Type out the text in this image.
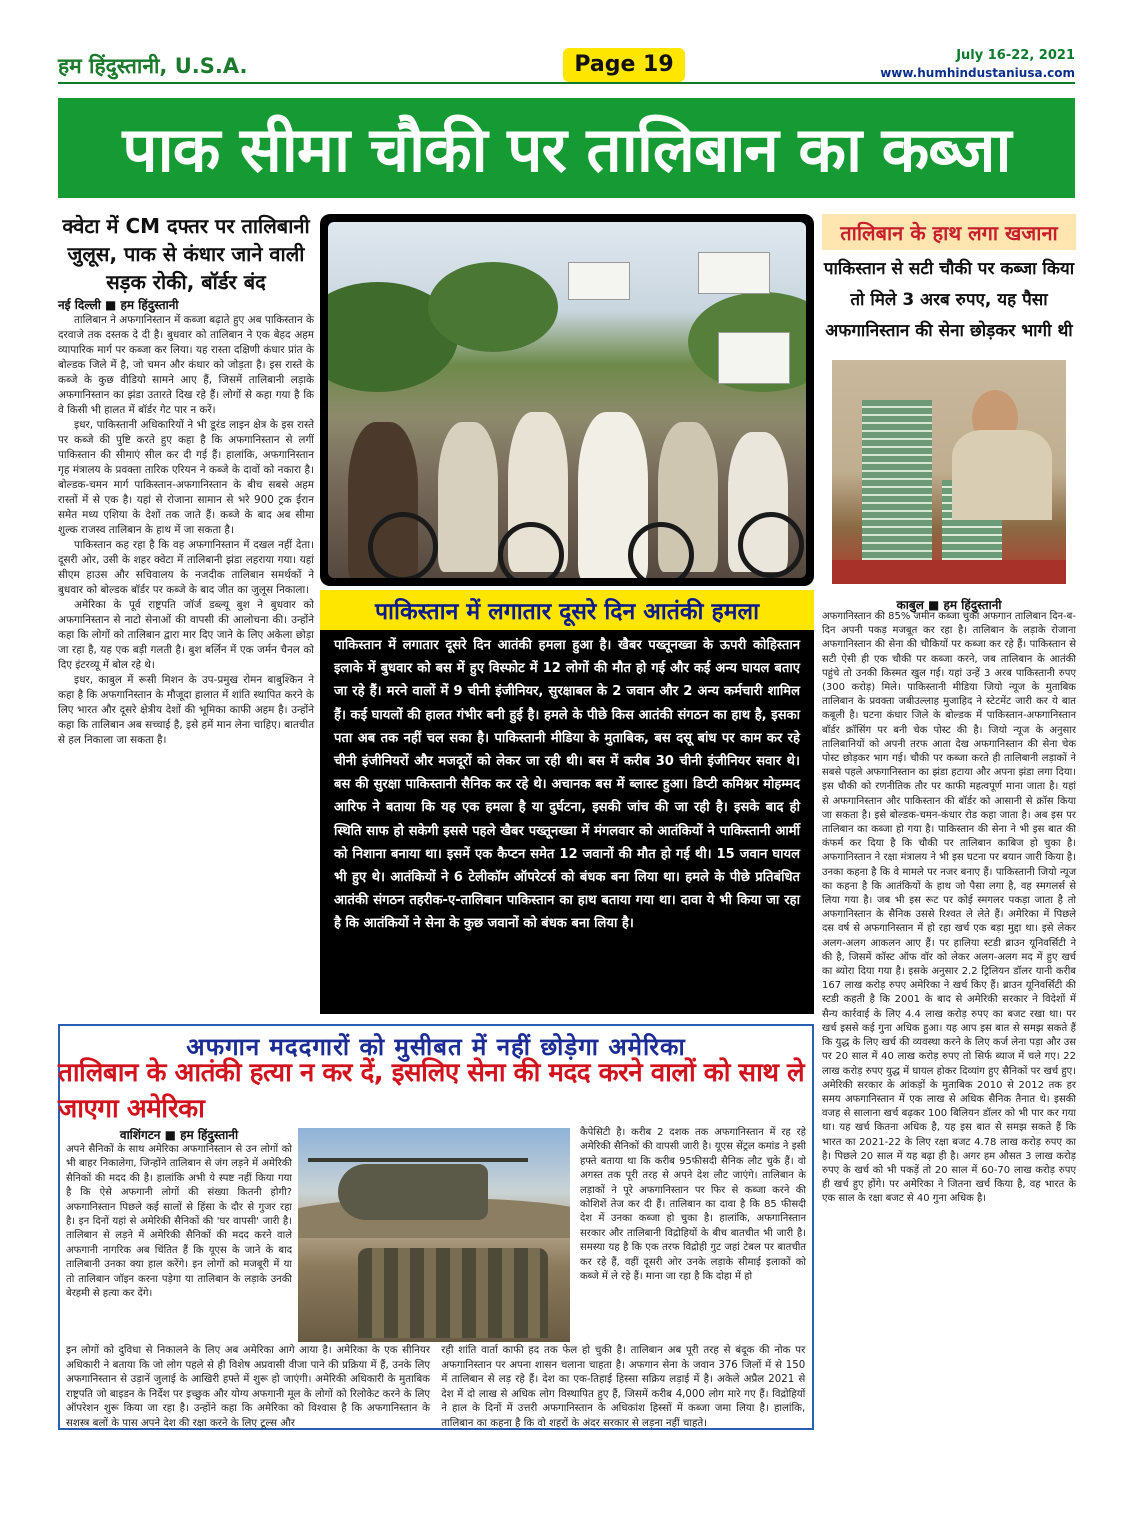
हम हिंदुस्तानी, U.S.A.	Page 19	July 16-22, 2021
www.humhindustaniusa.com
पाक सीमा चौकी पर तालिबान का कब्जा
क्वेटा में CM दफ्तर पर तालिबानी जुलूस, पाक से कंधार जाने वाली सड़क रोकी, बॉर्डर बंद
नई दिल्ली ■ हम हिंदुस्तानी

तालिबान ने अफगानिस्तान में कब्जा बढ़ाते हुए अब पाकिस्तान के दरवाजे तक दस्तक दे दी है। बुधवार को तालिबान ने एक बेहद अहम व्यापारिक मार्ग पर कब्जा कर लिया। यह रास्ता दक्षिणी कंधार प्रांत के बोल्डक जिले में है, जो चमन और कंधार को जोड़ता है। इस रास्ते के कब्जे के कुछ वीडियो सामने आए हैं, जिसमें तालिबानी लड़ाके अफगानिस्तान का झंडा उतारते दिख रहे हैं। लोगों से कहा गया है कि वे किसी भी हालत में बॉर्डर गेट पार न करें।

इधर, पाकिस्तानी अधिकारियों ने भी डूरंड लाइन क्षेत्र के इस रास्ते पर कब्जे की पुष्टि करते हुए कहा है कि अफगानिस्तान से लगीं पाकिस्तान की सीमाएं सील कर दी गई हैं। हालांकि, अफगानिस्तान गृह मंत्रालय के प्रवक्ता तारिक एरियन ने कब्जे के दावों को नकारा है। बोल्डक-चमन मार्ग पाकिस्तान-अफगानिस्तान के बीच सबसे अहम रास्तों में से एक है। यहां से रोजाना सामान से भरे 900 ट्रक ईरान समेत मध्य एशिया के देशों तक जाते हैं। कब्जे के बाद अब सीमा शुल्क राजस्व तालिबान के हाथ में जा सकता है।

पाकिस्तान कह रहा है कि वह अफगानिस्तान में दखल नहीं देता। दूसरी ओर, उसी के शहर क्वेटा में तालिबानी झंडा लहराया गया। यहां सीएम हाउस और सचिवालय के नजदीक तालिबान समर्थकों ने बुधवार को बोल्डक बॉर्डर पर कब्जे के बाद जीत का जुलूस निकाला।

अमेरिका के पूर्व राष्ट्रपति जॉर्ज डब्ल्यू बुश ने बुधवार को अफगानिस्तान से नाटो सेनाओं की वापसी की आलोचना की। उन्होंने कहा कि लोगों को तालिबान द्वारा मार दिए जाने के लिए अकेला छोड़ा जा रहा है, यह एक बड़ी गलती है। बुश बर्लिन में एक जर्मन चैनल को दिए इंटरव्यू में बोल रहे थे।

इधर, काबुल में रूसी मिशन के उप-प्रमुख रोमन बाबुश्किन ने कहा है कि अफगानिस्तान के मौजूदा हालात में शांति स्थापित करने के लिए भारत और दूसरे क्षेत्रीय देशों की भूमिका काफी अहम है। उन्होंने कहा कि तालिबान अब सच्चाई है, इसे हमें मान लेना चाहिए। बातचीत से हल निकाला जा सकता है।

पाकिस्तान में लगातार दूसरे दिन आतंकी हमला
पाकिस्तान में लगातार दूसरे दिन आतंकी हमला हुआ है। खैबर पख्तूनख्वा के ऊपरी कोहिस्तान इलाके में बुधवार को बस में हुए विस्फोट में 12 लोगों की मौत हो गई और कई अन्य घायल बताए जा रहे हैं। मरने वालों में 9 चीनी इंजीनियर, सुरक्षाबल के 2 जवान और 2 अन्य कर्मचारी शामिल हैं। कई घायलों की हालत गंभीर बनी हुई है। हमले के पीछे किस आतंकी संगठन का हाथ है, इसका पता अब तक नहीं चल सका है। पाकिस्तानी मीडिया के मुताबिक, बस दसू बांध पर काम कर रहे चीनी इंजीनियरों और मजदूरों को लेकर जा रही थी। बस में करीब 30 चीनी इंजीनियर सवार थे। बस की सुरक्षा पाकिस्तानी सैनिक कर रहे थे। अचानक बस में ब्लास्ट हुआ। डिप्टी कमिश्नर मोहम्मद आरिफ ने बताया कि यह एक हमला है या दुर्घटना, इसकी जांच की जा रही है। इसके बाद ही स्थिति साफ हो सकेगी इससे पहले खैबर पख्तूनख्वा में मंगलवार को आतंकियों ने पाकिस्तानी आर्मी को निशाना बनाया था। इसमें एक कैप्टन समेत 12 जवानों की मौत हो गई थी। 15 जवान घायल भी हुए थे। आतंकियों ने 6 टेलीकॉम ऑपरेटर्स को बंधक बना लिया था। हमले के पीछे प्रतिबंधित आतंकी संगठन तहरीक-ए-तालिबान पाकिस्तान का हाथ बताया गया था। दावा ये भी किया जा रहा है कि आतंकियों ने सेना के कुछ जवानों को बंधक बना लिया है।
तालिबान के हाथ लगा खजाना
पाकिस्तान से सटी चौकी पर कब्जा किया तो मिले 3 अरब रुपए, यह पैसा अफगानिस्तान की सेना छोड़कर भागी थी
काबुल ■ हम हिंदुस्तानी
अफगानिस्तान की 85% जमीन कब्जा चुका अफगान तालिबान दिन-ब-दिन अपनी पकड़ मजबूत कर रहा है। तालिबान के लड़ाके रोजाना अफगानिस्तान की सेना की चौकियों पर कब्जा कर रहे हैं। पाकिस्तान से सटी ऐसी ही एक चौकी पर कब्जा करने, जब तालिबान के आतंकी पहुंचे तो उनकी किस्मत खुल गई। यहां उन्हें 3 अरब पाकिस्तानी रुपए (300 करोड़) मिले। पाकिस्तानी मीडिया जियो न्यूज के मुताबिक तालिबान के प्रवक्ता जबीउल्लाह मुजाहिद ने स्टेटमेंट जारी कर ये बात कबूली है। घटना कंधार जिले के बोल्डक में पाकिस्तान-अफगानिस्तान बॉर्डर क्रॉसिंग पर बनी चेक पोस्ट की है। जियो न्यूज के अनुसार तालिबानियों को अपनी तरफ आता देख अफगानिस्तान की सेना चेक पोस्ट छोड़कर भाग गई। चौकी पर कब्जा करते ही तालिबानी लड़ाकों ने सबसे पहले अफगानिस्तान का झंडा हटाया और अपना झंडा लगा दिया। इस चौकी को रणनीतिक तौर पर काफी महत्वपूर्ण माना जाता है। यहां से अफगानिस्तान और पाकिस्तान की बॉर्डर को आसानी से क्रॉस किया जा सकता है। इसे बोल्डक-चमन-कंधार रोड कहा जाता है। अब इस पर तालिबान का कब्जा हो गया है। पाकिस्तान की सेना ने भी इस बात की कंफर्म कर दिया है कि चौकी पर तालिबान काबिज हो चुका है। अफगानिस्तान ने रक्षा मंत्रालय ने भी इस घटना पर बयान जारी किया है। उनका कहना है कि वे मामले पर नजर बनाए हैं। पाकिस्तानी जियो न्यूज का कहना है कि आतंकियों के हाथ जो पैसा लगा है, वह स्मगलर्स से लिया गया है। जब भी इस रूट पर कोई स्मगलर पकड़ा जाता है तो अफगानिस्तान के सैनिक उससे रिश्वत ले लेते हैं। अमेरिका में पिछले दस वर्ष से अफगानिस्तान में हो रहा खर्च एक बड़ा मुद्दा था। इसे लेकर अलग-अलग आकलन आए हैं। पर हालिया स्टडी ब्राउन यूनिवर्सिटी ने की है, जिसमें कॉस्ट ऑफ वॉर को लेकर अलग-अलग मद में हुए खर्च का ब्योरा दिया गया है। इसके अनुसार 2.2 ट्रिलियन डॉलर यानी करीब 167 लाख करोड़ रुपए अमेरिका ने खर्च किए हैं। ब्राउन यूनिवर्सिटी की स्टडी कहती है कि 2001 के बाद से अमेरिकी सरकार ने विदेशों में सैन्य कार्रवाई के लिए 4.4 लाख करोड़ रुपए का बजट रखा था। पर खर्च इससे कई गुना अधिक हुआ। यह आप इस बात से समझ सकते हैं कि युद्ध के लिए खर्च की व्यवस्था करने के लिए कर्ज लेना पड़ा और उस पर 20 साल में 40 लाख करोड़ रुपए तो सिर्फ ब्याज में चले गए। 22 लाख करोड़ रुपए युद्ध में घायल होकर दिव्यांग हुए सैनिकों पर खर्च हुए। अमेरिकी सरकार के आंकड़ों के मुताबिक 2010 से 2012 तक हर समय अफगानिस्तान में एक लाख से अधिक सैनिक तैनात थे। इसकी वजह से सालाना खर्च बढ़कर 100 बिलियन डॉलर को भी पार कर गया था। यह खर्च कितना अधिक है, यह इस बात से समझ सकते हैं कि भारत का 2021-22 के लिए रक्षा बजट 4.78 लाख करोड़ रुपए का है। पिछले 20 साल में यह बढ़ा ही है। अगर हम औसत 3 लाख करोड़ रुपए के खर्च को भी पकड़ें तो 20 साल में 60-70 लाख करोड़ रुपए ही खर्च हुए होंगे। पर अमेरिका ने जितना खर्च किया है, वह भारत के एक साल के रक्षा बजट से 40 गुना अधिक है।
अफगान मददगारों को मुसीबत में नहीं छोड़ेगा अमेरिका
तालिबान के आतंकी हत्या न कर दें, इसलिए सेना की मदद करने वालों को साथ ले जाएगा अमेरिका
वाशिंगटन ■ हम हिंदुस्तानी
अपने सैनिकों के साथ अमेरिका अफगानिस्तान से उन लोगों को भी बाहर निकालेगा, जिन्होंने तालिबान से जंग लड़ने में अमेरिकी सैनिकों की मदद की है। हालांकि अभी ये स्पष्ट नहीं किया गया है कि ऐसे अफगानी लोगों की संख्या कितनी होगी? अफगानिस्तान पिछले कई सालों से हिंसा के दौर से गुजर रहा है। इन दिनों यहां से अमेरिकी सैनिकों की 'घर वापसी' जारी है। तालिबान से लड़ने में अमेरिकी सैनिकों की मदद करने वाले अफगानी नागरिक अब चिंतित हैं कि यूएस के जाने के बाद तालिबानी उनका क्या हाल करेंगे। इन लोगों को मजबूरी में या तो तालिबान जॉइन करना पड़ेगा या तालिबान के लड़ाके उनकी बेरहमी से हत्या कर देंगे।
कैपेसिटी है। करीब 2 दशक तक अफगानिस्तान में रह रहे अमेरिकी सैनिकों की वापसी जारी है। यूएस सेंट्रल कमांड ने इसी हफ्ते बताया था कि करीब 95फीसदी सैनिक लौट चुके हैं। वो अगस्त तक पूरी तरह से अपने देश लौट जाएंगे। तालिबान के लड़ाकों ने पूरे अफगानिस्तान पर फिर से कब्जा करने की कोशिशें तेज कर दी हैं। तालिबान का दावा है कि 85 फीसदी देश में उनका कब्जा हो चुका है। हालांकि, अफगानिस्तान सरकार और तालिबानी विद्रोहियों के बीच बातचीत भी जारी है। समस्या यह है कि एक तरफ विद्रोही गुट जहां टेबल पर बातचीत कर रहे हैं, वहीं दूसरी ओर उनके लड़ाके सीमाई इलाकों को कब्जे में ले रहे हैं। माना जा रहा है कि दोहा में हो
इन लोगों को दुविधा से निकालने के लिए अब अमेरिका आगे आया है। अमेरिका के एक सीनियर अधिकारी ने बताया कि जो लोग पहले से ही विशेष अप्रवासी वीजा पाने की प्रक्रिया में हैं, उनके लिए अफगानिस्तान से उड़ानें जुलाई के आखिरी हफ्ते में शुरू हो जाएंगी। अमेरिकी अधिकारी के मुताबिक राष्ट्रपति जो बाइडन के निर्देश पर इच्छुक और योग्य अफगानी मूल के लोगों को रिलोकेट करने के लिए ऑपरेशन शुरू किया जा रहा है। उन्होंने कहा कि अमेरिका को विश्वास है कि अफगानिस्तान के सशस्त्र बलों के पास अपने देश की रक्षा करने के लिए टूल्स और रही शांति वार्ता काफी हद तक फेल हो चुकी है। तालिबान अब पूरी तरह से बंदूक की नोक पर अफगानिस्तान पर अपना शासन चलाना चाहता है। अफगान सेना के जवान 376 जिलों में से 150 में तालिबान से लड़ रहे हैं। देश का एक-तिहाई हिस्सा सक्रिय लड़ाई में है। अकेले अप्रैल 2021 से देश में दो लाख से अधिक लोग विस्थापित हुए हैं, जिसमें करीब 4,000 लोग मारे गए हैं। विद्रोहियों ने हाल के दिनों में उत्तरी अफगानिस्तान के अधिकांश हिस्सों में कब्जा जमा लिया है। हालांकि, तालिबान का कहना है कि वो शहरों के अंदर सरकार से लड़ना नहीं चाहते।
